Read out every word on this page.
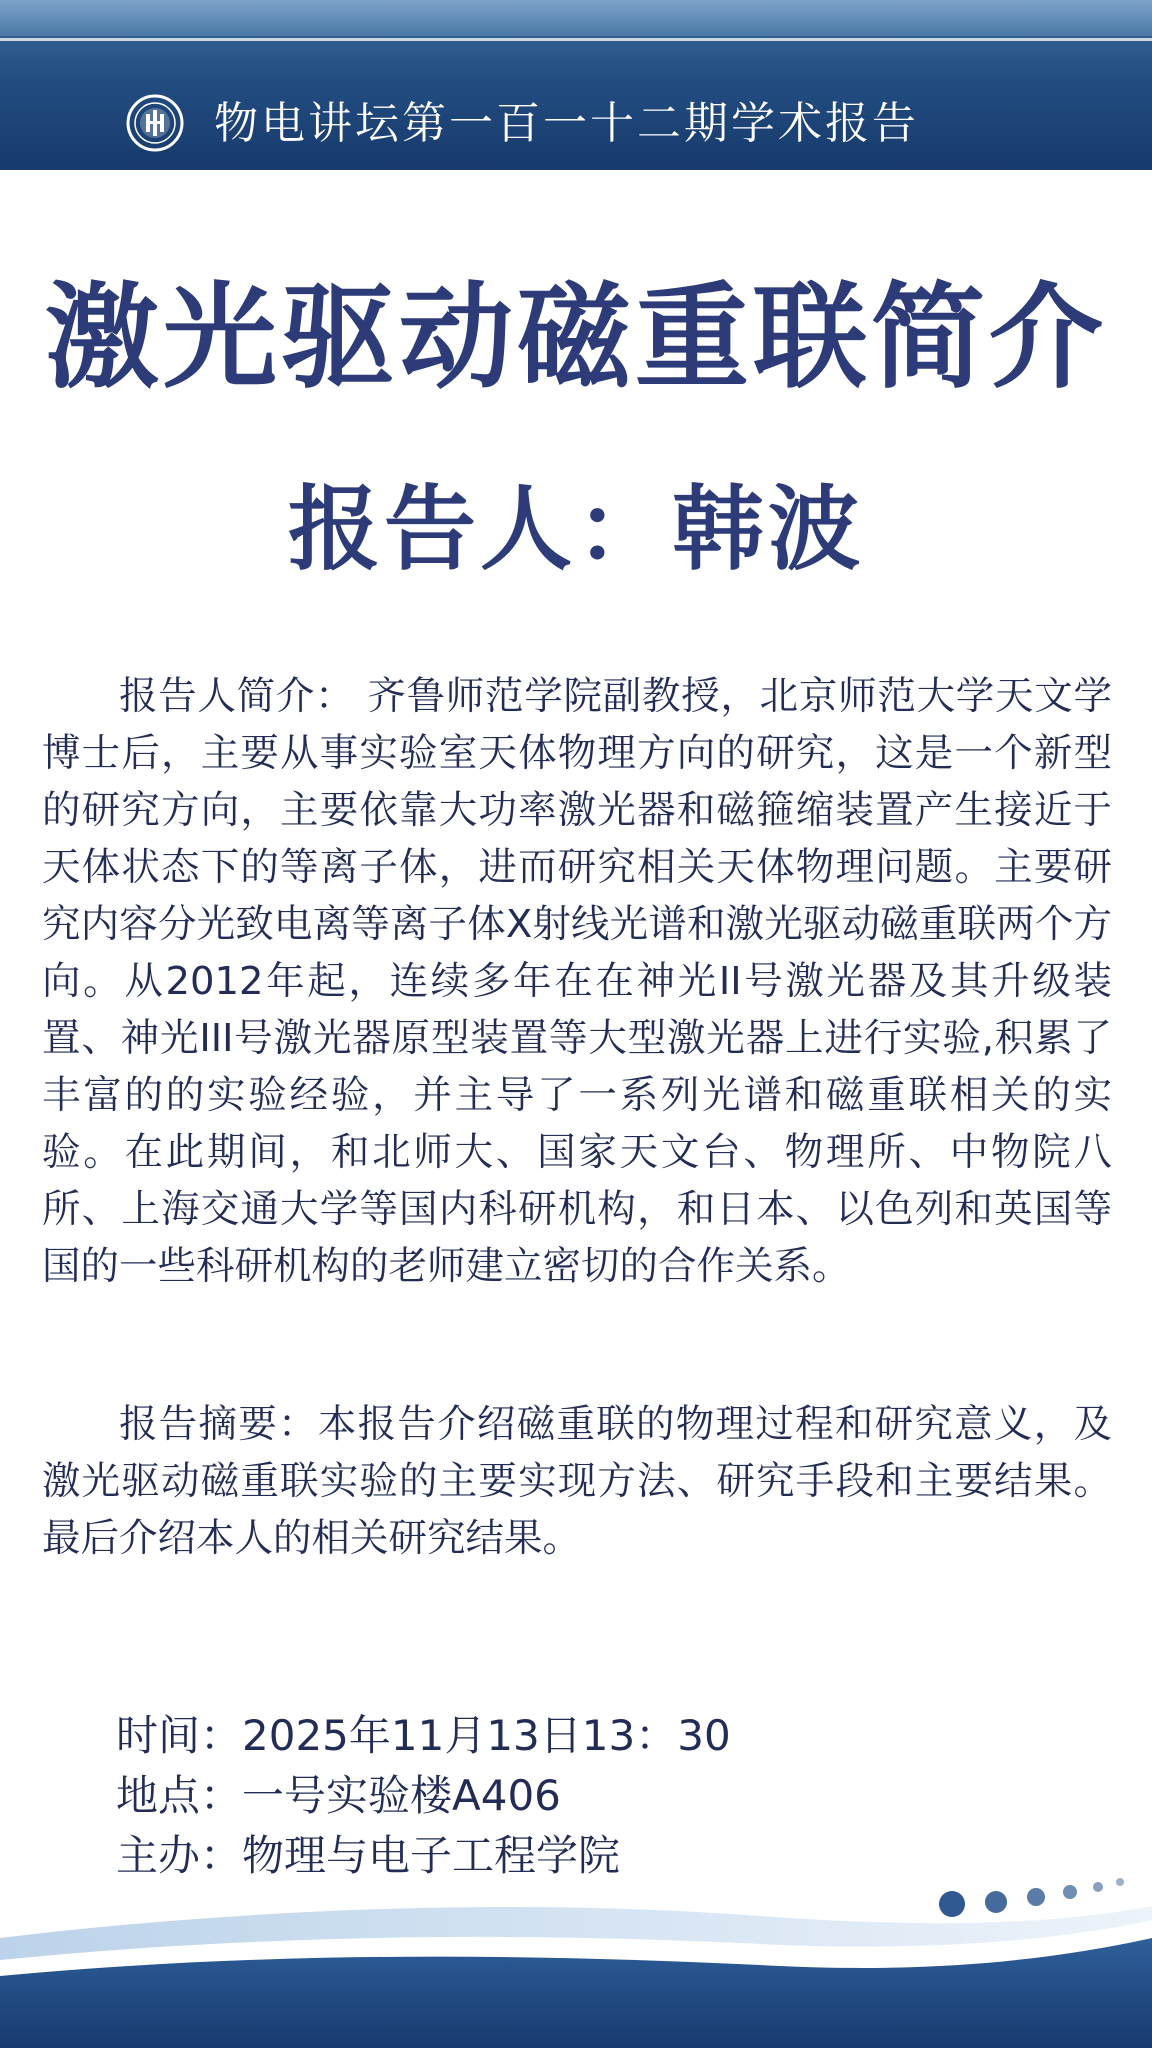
物电讲坛第一百一十二期学术报告
激光驱动磁重联简介
报告人：韩波

报告人简介： 齐鲁师范学院副教授，北京师范大学天文学博士后，主要从事实验室天体物理方向的研究，这是一个新型的研究方向，主要依靠大功率激光器和磁箍缩装置产生接近于天体状态下的等离子体，进而研究相关天体物理问题。主要研究内容分光致电离等离子体X射线光谱和激光驱动磁重联两个方向。从2012年起，连续多年在在神光II号激光器及其升级装置、神光III号激光器原型装置等大型激光器上进行实验,积累了丰富的的实验经验，并主导了一系列光谱和磁重联相关的实验。在此期间，和北师大、国家天文台、物理所、中物院八所、上海交通大学等国内科研机构，和日本、以色列和英国等国的一些科研机构的老师建立密切的合作关系。

报告摘要：本报告介绍磁重联的物理过程和研究意义，及激光驱动磁重联实验的主要实现方法、研究手段和主要结果。最后介绍本人的相关研究结果。

时间：2025年11月13日13：30
地点：一号实验楼A406
主办：物理与电子工程学院
